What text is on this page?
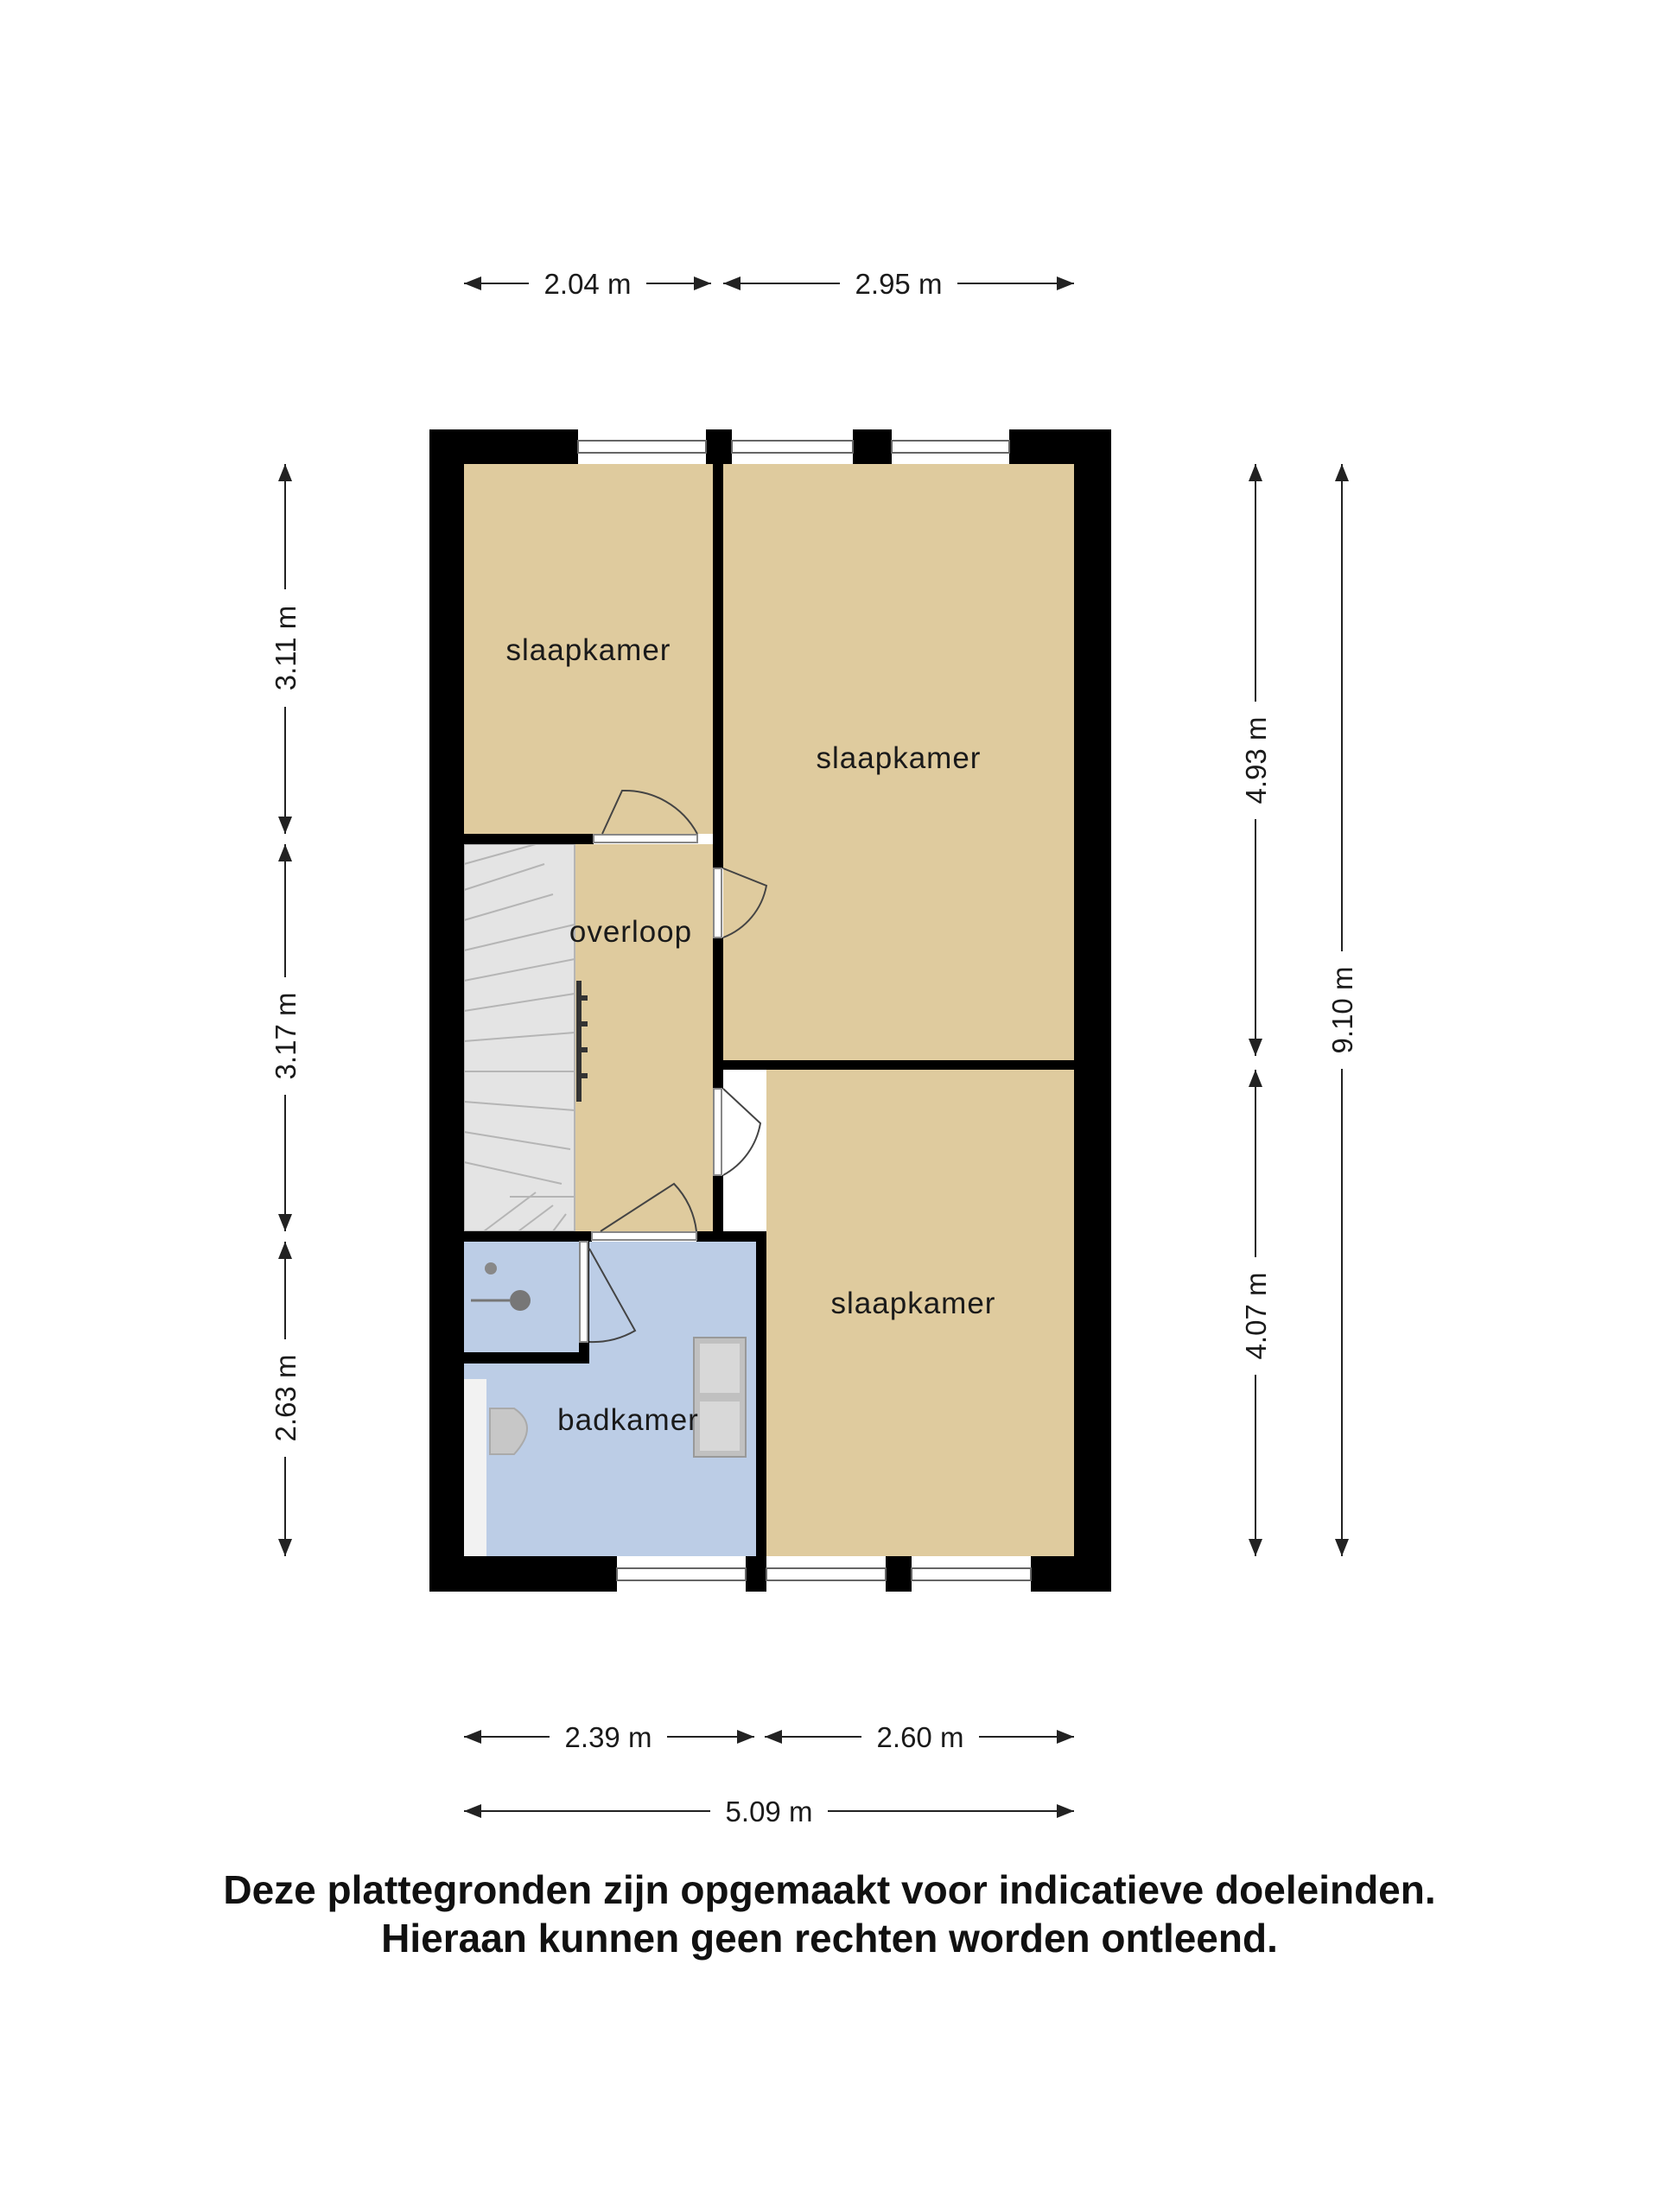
slaapkamer
slaapkamer
overloop
slaapkamer
badkamer
2.04 m	2.95 m
2.39 m	2.60 m
5.09 m
3.11 m
3.17 m
2.63 m
4.93 m
4.07 m
9.10 m
Deze plattegronden zijn opgemaakt voor indicatieve doeleinden.
Hieraan kunnen geen rechten worden ontleend.
